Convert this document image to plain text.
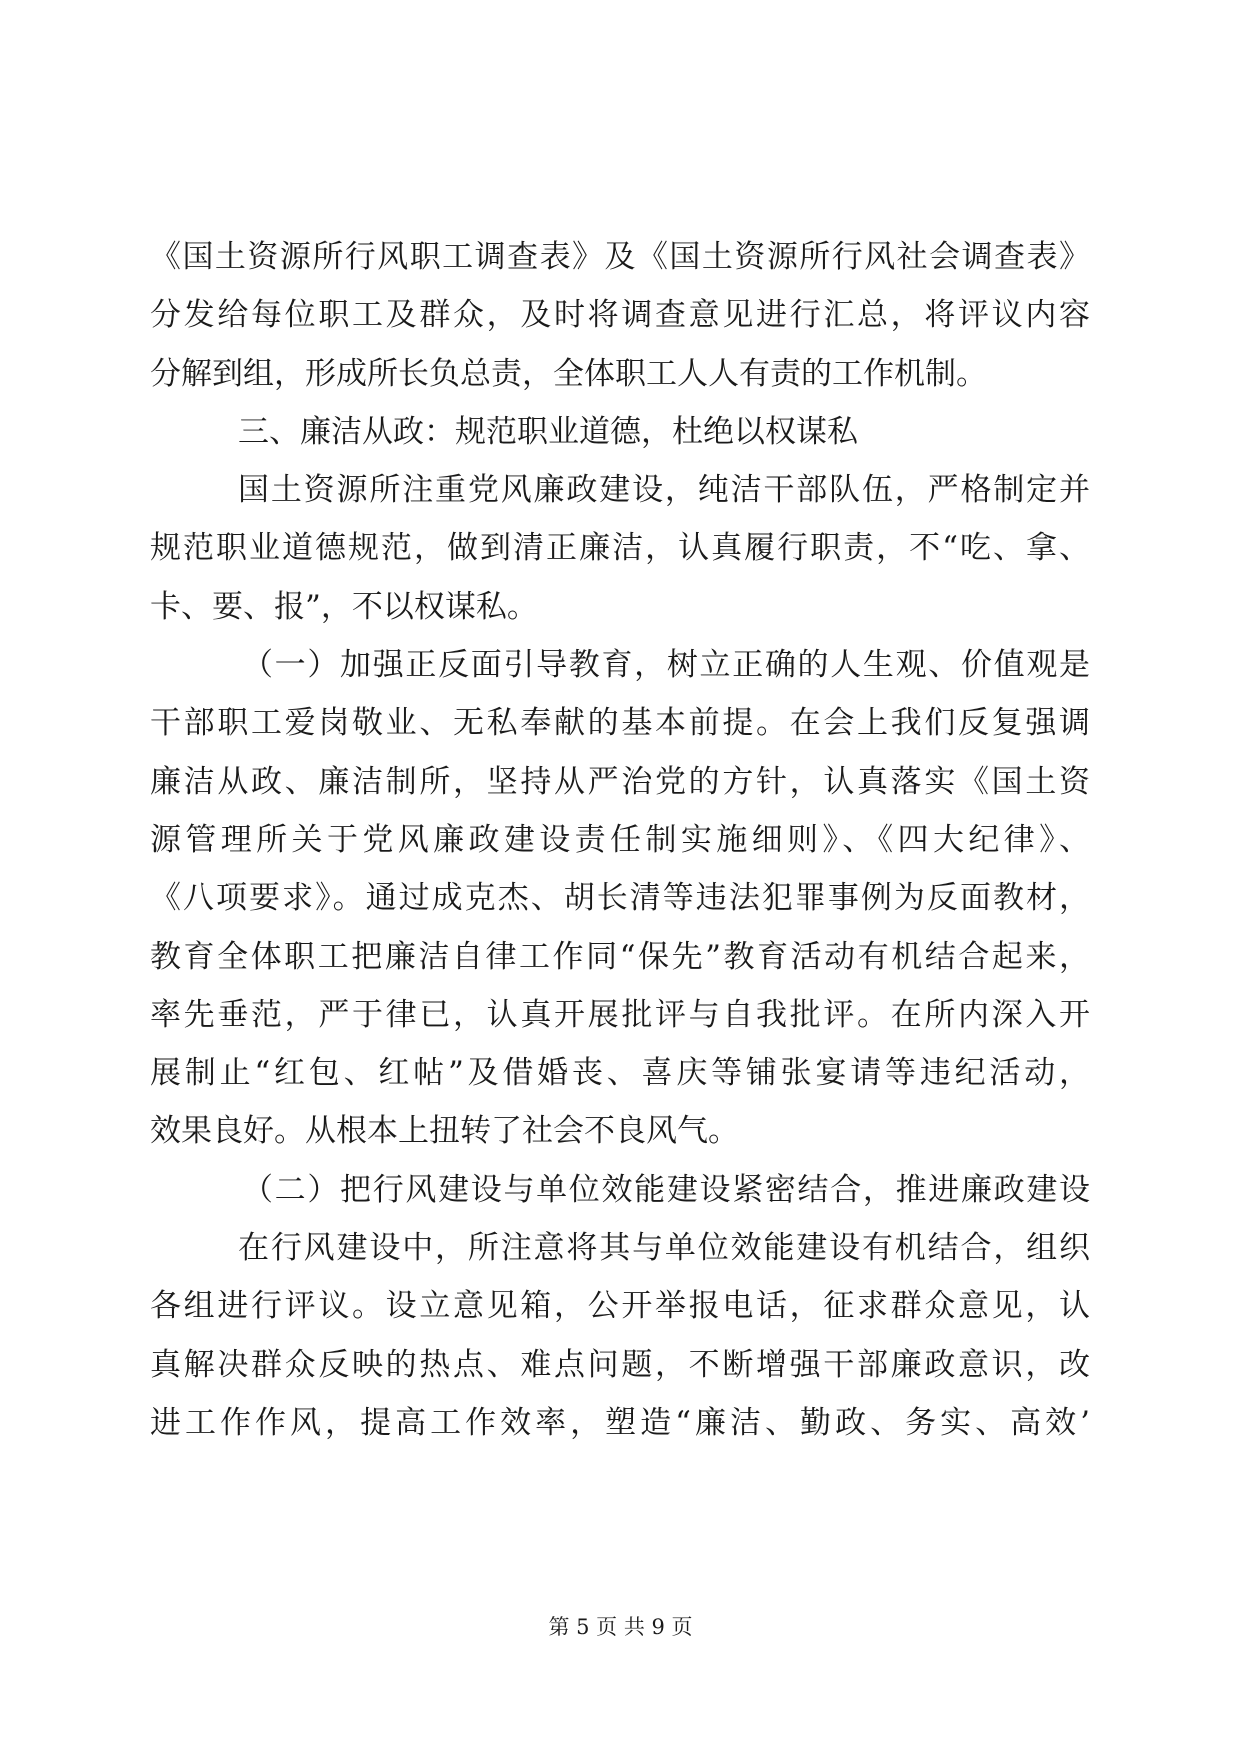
《国土资源所行风职工调查表》及《国土资源所行风社会调查表》
分发给每位职工及群众，及时将调查意见进行汇总，将评议内容
分解到组，形成所长负总责，全体职工人人有责的工作机制。
三、廉洁从政：规范职业道德，杜绝以权谋私
国土资源所注重党风廉政建设，纯洁干部队伍，严格制定并
规范职业道德规范，做到清正廉洁，认真履行职责，不“吃、拿、
卡、要、报”，不以权谋私。
（一）加强正反面引导教育，树立正确的人生观、价值观是
干部职工爱岗敬业、无私奉献的基本前提。在会上我们反复强调
廉洁从政、廉洁制所，坚持从严治党的方针，认真落实《国土资
源管理所关于党风廉政建设责任制实施细则》、《四大纪律》、
《八项要求》。通过成克杰、胡长清等违法犯罪事例为反面教材，
教育全体职工把廉洁自律工作同“保先”教育活动有机结合起来，
率先垂范，严于律已，认真开展批评与自我批评。在所内深入开
展制止“红包、红帖”及借婚丧、喜庆等铺张宴请等违纪活动，
效果良好。从根本上扭转了社会不良风气。
（二）把行风建设与单位效能建设紧密结合，推进廉政建设
在行风建设中，所注意将其与单位效能建设有机结合，组织
各组进行评议。设立意见箱，公开举报电话，征求群众意见，认
真解决群众反映的热点、难点问题，不断增强干部廉政意识，改
进工作作风，提高工作效率，塑造“廉洁、勤政、务实、高效’
第 5 页 共 9 页
